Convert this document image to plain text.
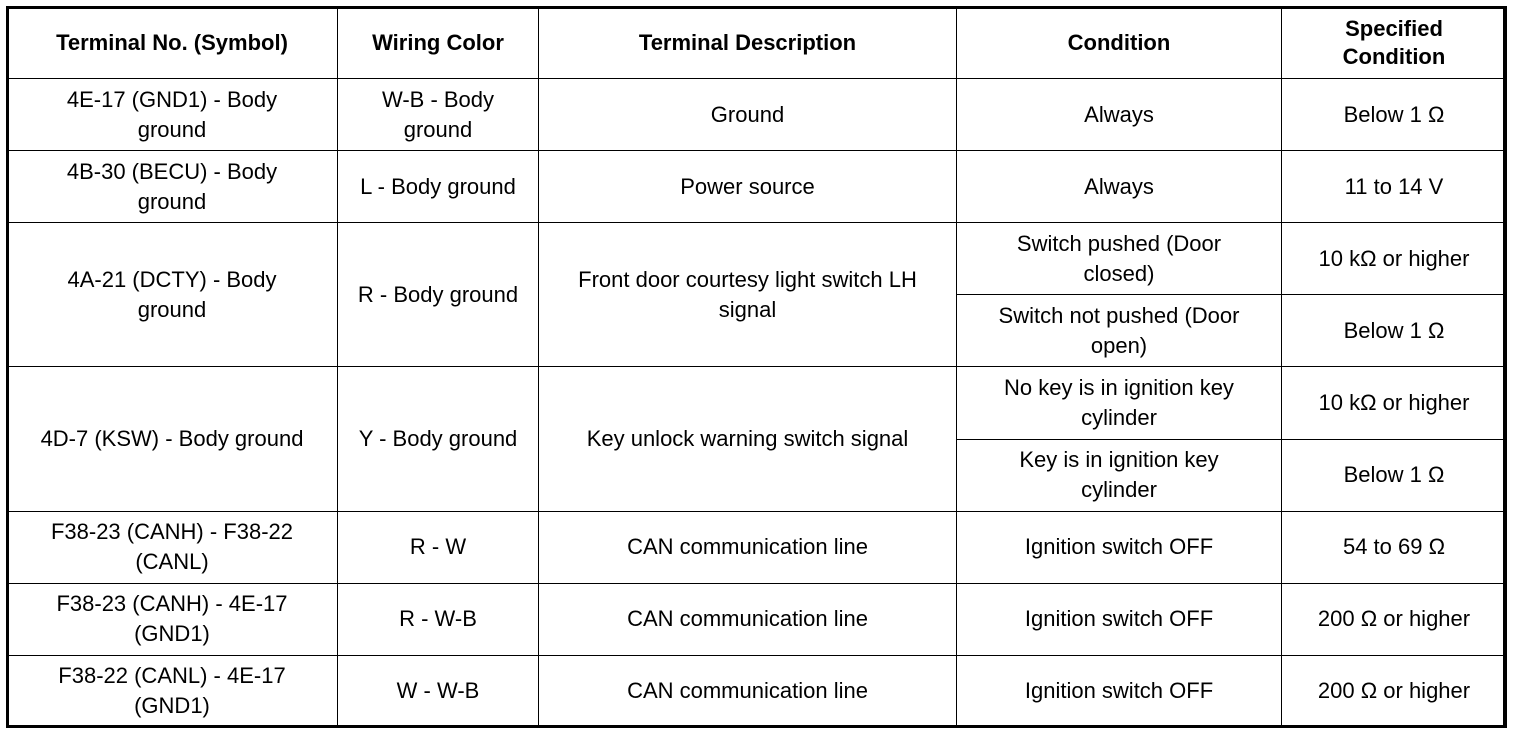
Terminal No. (Symbol)	Wiring Color	Terminal Description	Condition	Specified Condition
4E-17 (GND1) - Body ground	W-B - Body ground	Ground	Always	Below 1 Ω
4B-30 (BECU) - Body ground	L - Body ground	Power source	Always	11 to 14 V
4A-21 (DCTY) - Body ground	R - Body ground	Front door courtesy light switch LH signal	Switch pushed (Door closed)	10 kΩ or higher
			Switch not pushed (Door open)	Below 1 Ω
4D-7 (KSW) - Body ground	Y - Body ground	Key unlock warning switch signal	No key is in ignition key cylinder	10 kΩ or higher
			Key is in ignition key cylinder	Below 1 Ω
F38-23 (CANH) - F38-22 (CANL)	R - W	CAN communication line	Ignition switch OFF	54 to 69 Ω
F38-23 (CANH) - 4E-17 (GND1)	R - W-B	CAN communication line	Ignition switch OFF	200 Ω or higher
F38-22 (CANL) - 4E-17 (GND1)	W - W-B	CAN communication line	Ignition switch OFF	200 Ω or higher
